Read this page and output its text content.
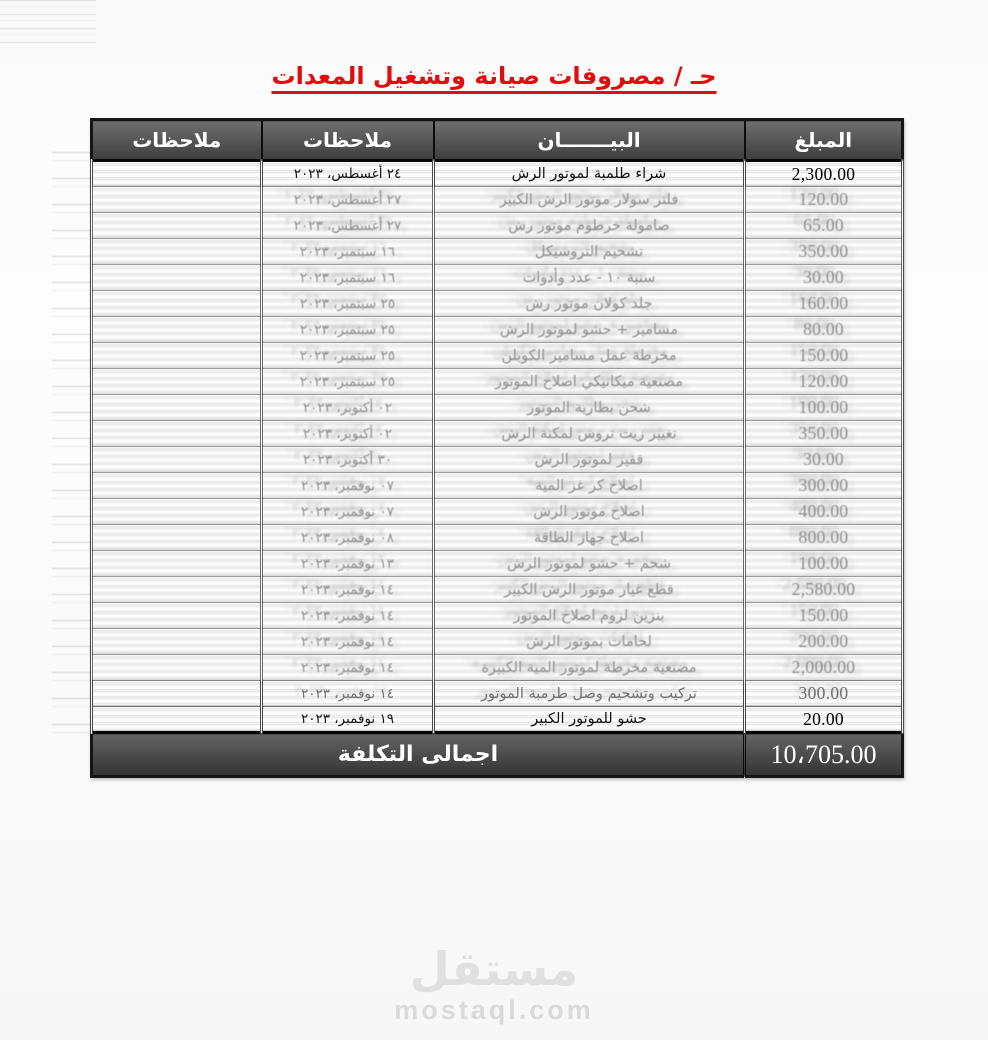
حـ / مصروفات صيانة وتشغيل المعدات
المبلغ	البيـــــــان	ملاحظات	ملاحظات
2,300.00	شراء طلمبة لموتور الرش	٢٤ أغسطس، ٢٠٢٣	
120.00	فلتر سولار موتور الرش الكبير	٢٧ أغسطس، ٢٠٢٣	
65.00	صامولة خرطوم موتور رش	٢٧ أغسطس، ٢٠٢٣	
350.00	تشحيم التروسيكل	١٦ سبتمبر، ٢٠٢٣	
30.00	سنبة ١٠ - عدد وأدوات	١٦ سبتمبر، ٢٠٢٣	
160.00	جلد كولان موتور رش	٢٥ سبتمبر، ٢٠٢٣	
80.00	مسامير + حشو لموتور الرش	٢٥ سبتمبر، ٢٠٢٣	
150.00	مخرطة عمل مسامير الكوبلن	٢٥ سبتمبر، ٢٠٢٣	
120.00	مصنعية ميكانيكي اصلاح الموتور	٢٥ سبتمبر، ٢٠٢٣	
100.00	شحن بطارية الموتور	٠٢ أكتوبر، ٢٠٢٣	
350.00	تغيير زيت تروس لمكنة الرش	٠٢ أكتوبر، ٢٠٢٣	
30.00	قفيز لموتور الرش	٣٠ أكتوبر، ٢٠٢٣	
300.00	اصلاح كر غز المية	٠٧ نوفمبر، ٢٠٢٣	
400.00	اصلاح موتور الرش	٠٧ نوفمبر، ٢٠٢٣	
800.00	اصلاح جهاز الطاقة	٠٨ نوفمبر، ٢٠٢٣	
100.00	شحم + حشو لموتور الرش	١٣ نوفمبر، ٢٠٢٣	
2,580.00	قطع غيار موتور الرش الكبير	١٤ نوفمبر، ٢٠٢٣	
150.00	بنزين لزوم اصلاح الموتور	١٤ نوفمبر، ٢٠٢٣	
200.00	لحامات بموتور الرش	١٤ نوفمبر، ٢٠٢٣	
2,000.00	مصنعية مخرطة لموتور المية الكبيرة	١٤ نوفمبر، ٢٠٢٣	
300.00	تركيب وتشحيم وصل طرمبة الموتور	١٤ نوفمبر، ٢٠٢٣	
20.00	حشو للموتور الكبير	١٩ نوفمبر، ٢٠٢٣	
10،705.00	اجمالى التكلفة		
مستقل
mostaql.com
